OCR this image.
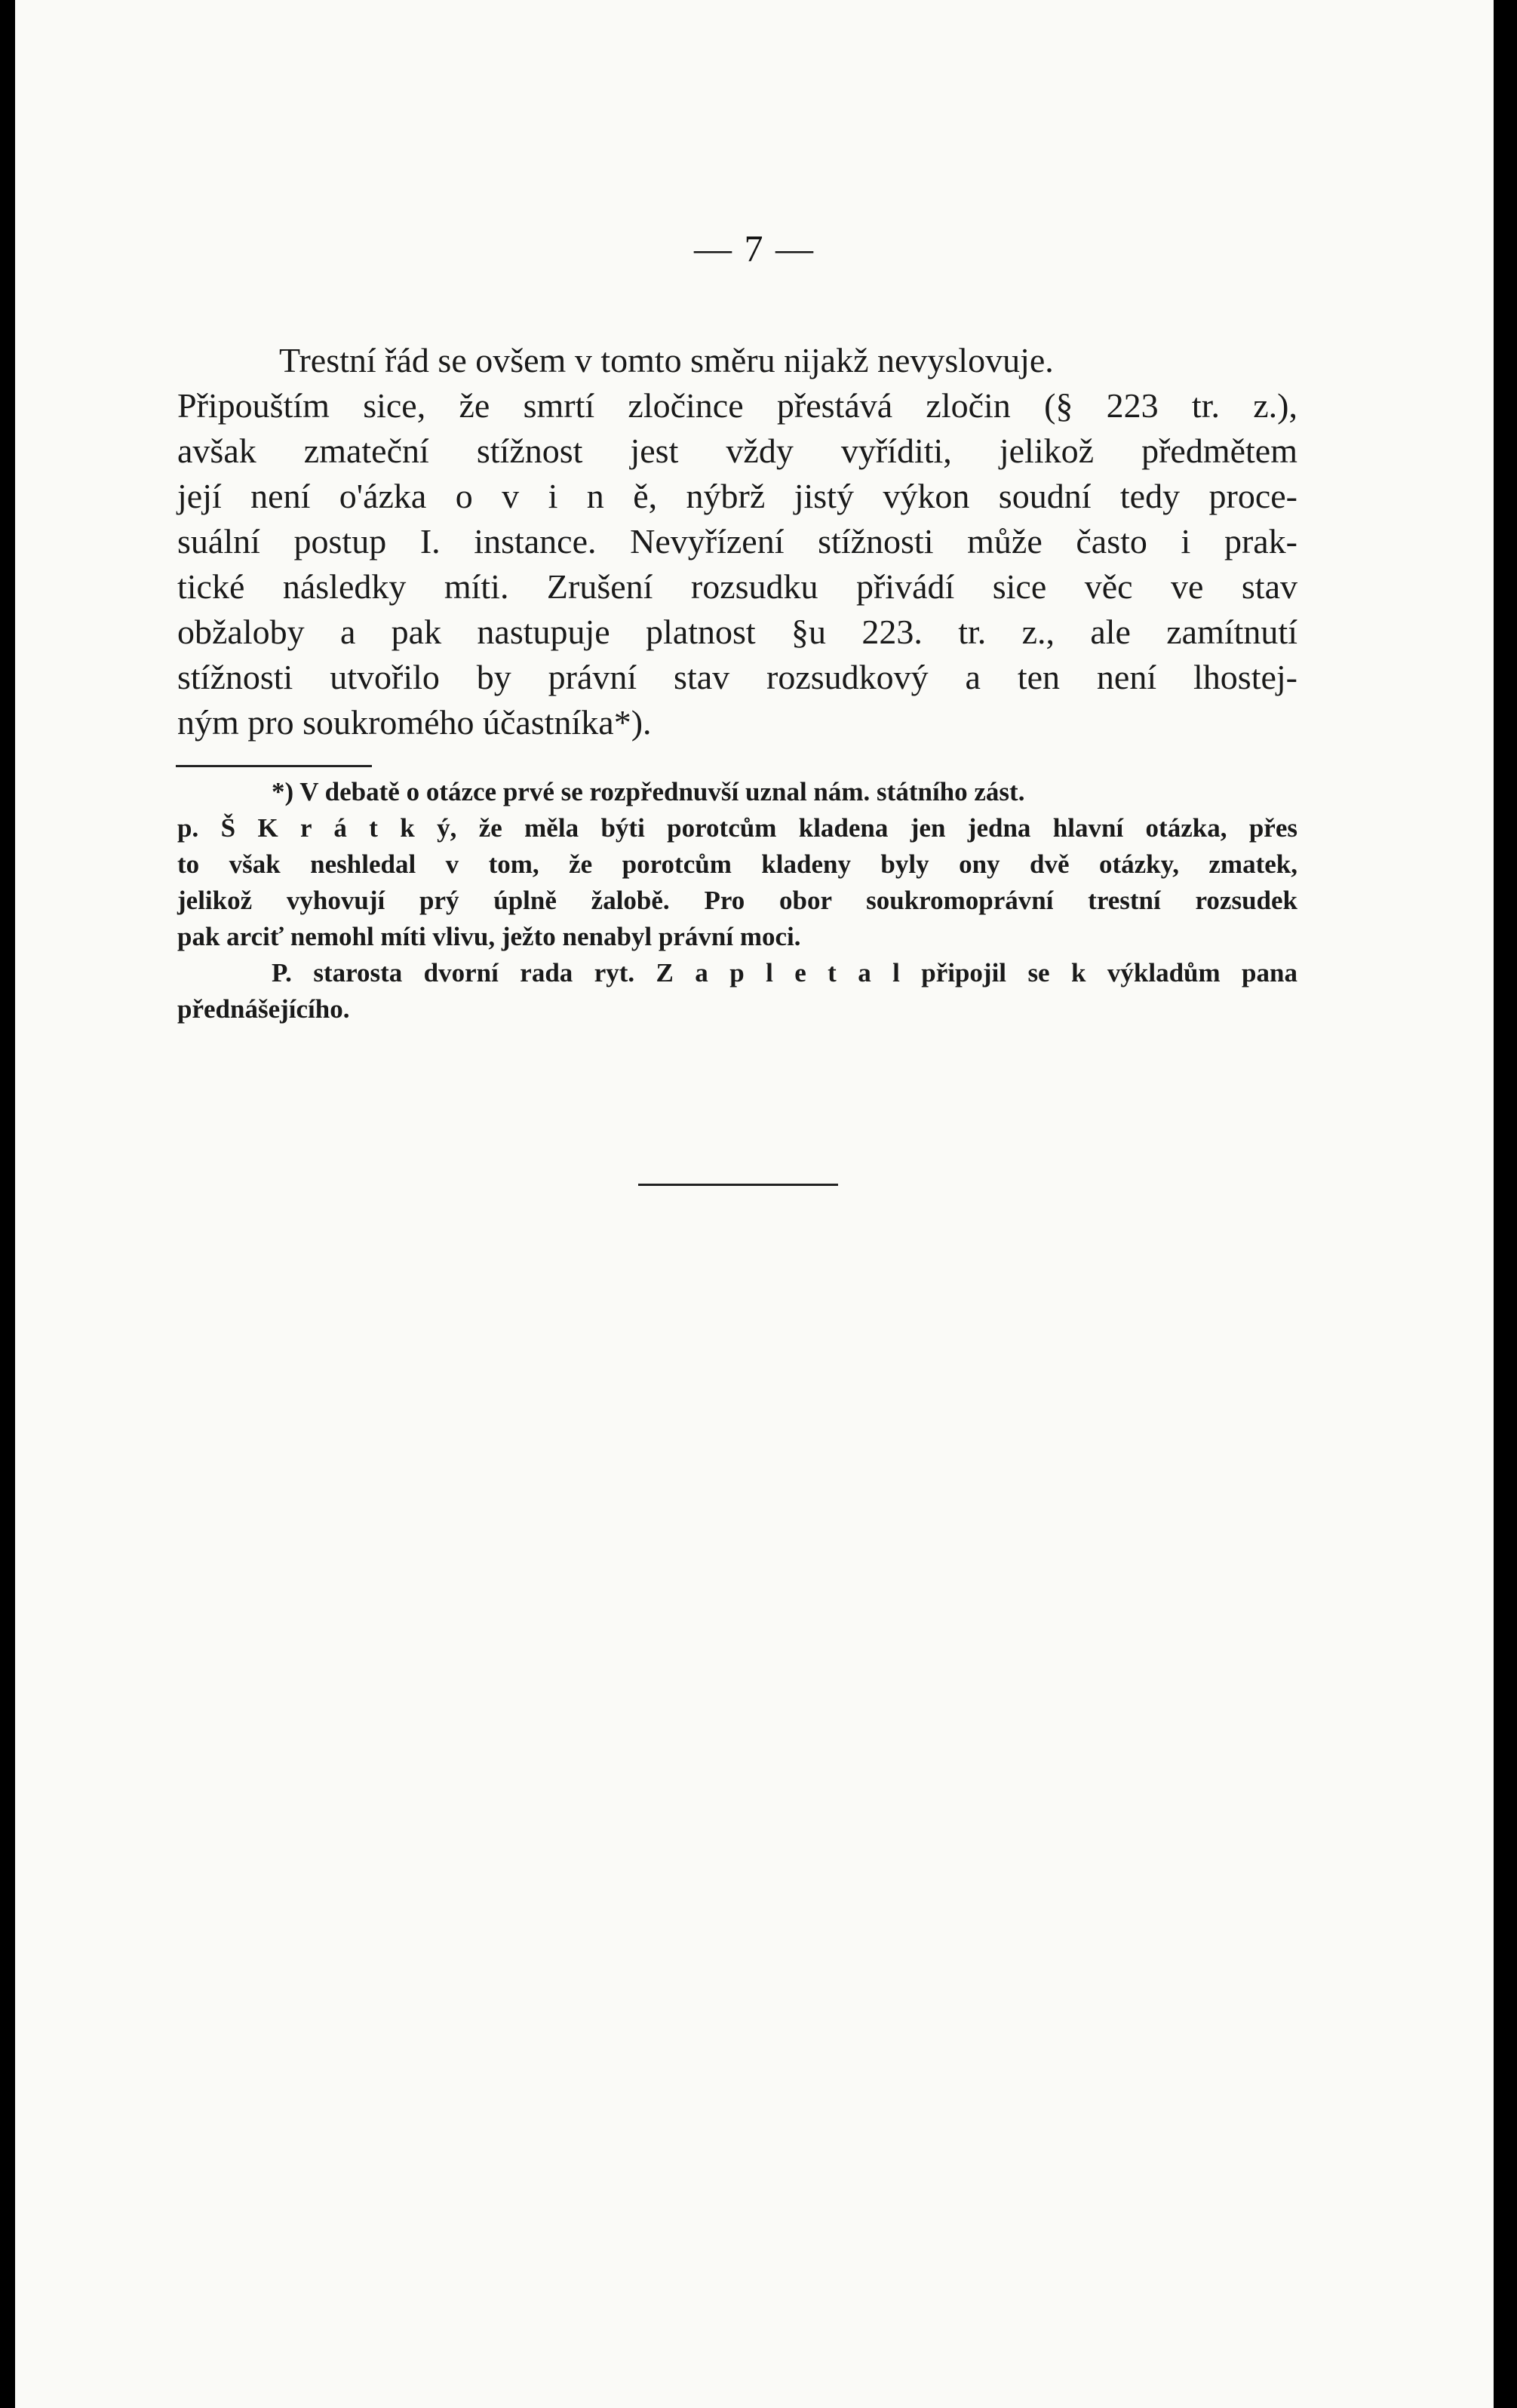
— 7 —
Trestní řád se ovšem v tomto směru nijakž nevyslovuje.
Připouštím sice, že smrtí zločince přestává zločin (§ 223 tr. z.),
avšak zmateční stížnost jest vždy vyříditi, jelikož předmětem
její není o'ázka o v i n ě, nýbrž jistý výkon soudní tedy proce-
suální postup I. instance. Nevyřízení stížnosti může často i prak-
tické následky míti. Zrušení rozsudku přivádí sice věc ve stav
obžaloby a pak nastupuje platnost §u 223. tr. z., ale zamítnutí
stížnosti utvořilo by právní stav rozsudkový a ten není lhostej-
ným pro soukromého účastníka*).
*) V debatě o otázce prvé se rozpřednuvší uznal nám. státního zást.
p. Š K r á t k ý, že měla býti porotcům kladena jen jedna hlavní otázka, přes
to však neshledal v tom, že porotcům kladeny byly ony dvě otázky, zmatek,
jelikož vyhovují prý úplně žalobě. Pro obor soukromoprávní trestní rozsudek
pak arciť nemohl míti vlivu, ježto nenabyl právní moci.
P. starosta dvorní rada ryt. Z a p l e t a l připojil se k výkladům pana
přednášejícího.
